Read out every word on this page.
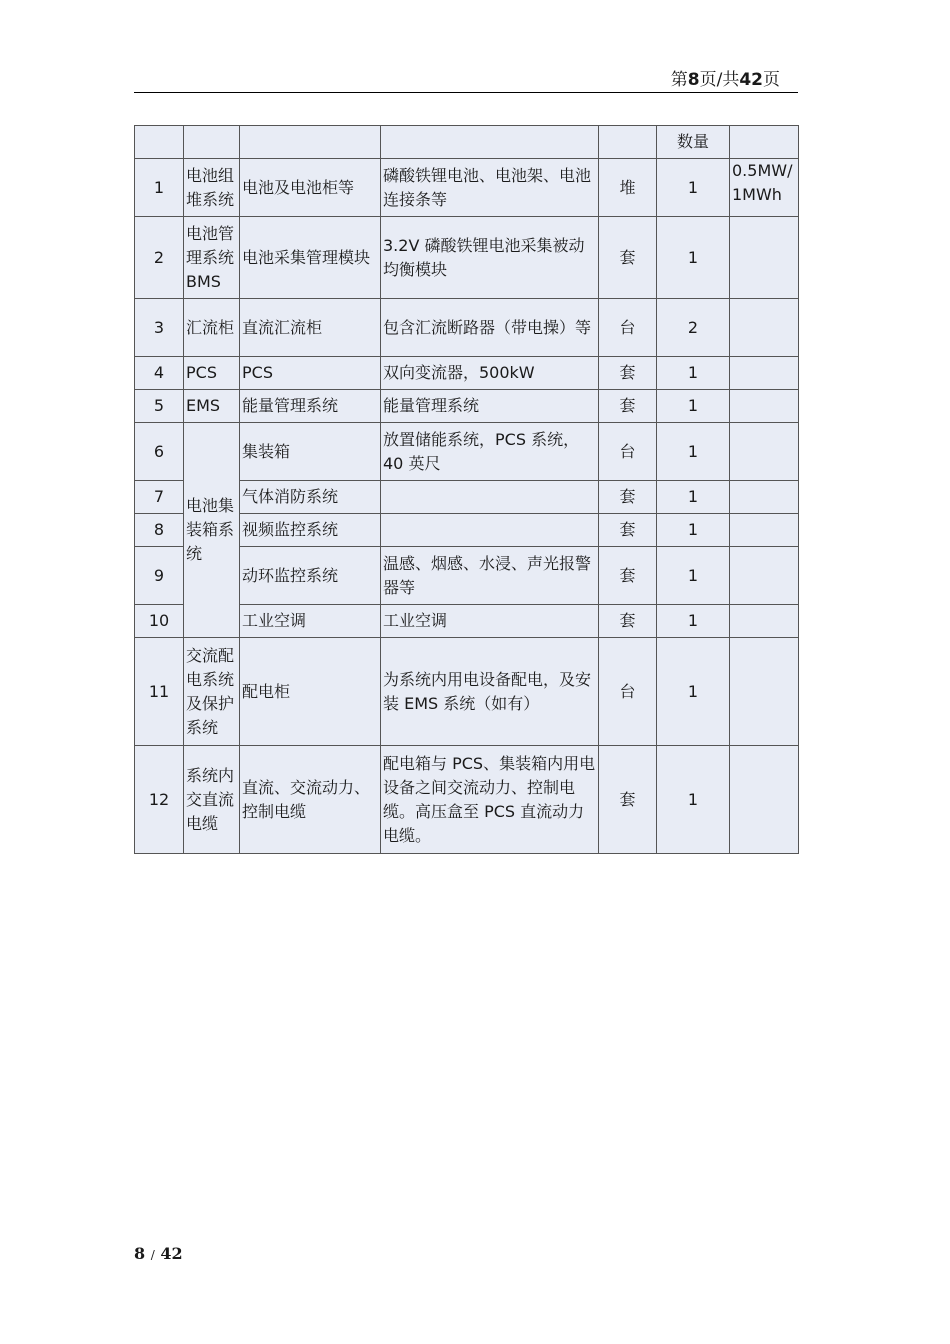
第8页/共42页
					数量	
1	电池组堆系统	电池及电池柜等	磷酸铁锂电池、电池架、电池连接条等	堆	1	0.5MW/1MWh
2	电池管理系统BMS	电池采集管理模块	3.2V 磷酸铁锂电池采集被动均衡模块	套	1	
3	汇流柜	直流汇流柜	包含汇流断路器（带电操）等	台	2	
4	PCS	PCS	双向变流器，500kW	套	1	
5	EMS	能量管理系统	能量管理系统	套	1	
6	电池集装箱系统	集装箱	放置储能系统，PCS 系统，40 英尺	台	1	
7		气体消防系统		套	1	
8		视频监控系统		套	1	
9		动环监控系统	温感、烟感、水浸、声光报警器等	套	1	
10		工业空调	工业空调	套	1	
11	交流配电系统及保护系统	配电柜	为系统内用电设备配电，及安装 EMS 系统（如有）	台	1	
12	系统内交直流电缆	直流、交流动力、控制电缆	配电箱与 PCS、集装箱内用电设备之间交流动力、控制电缆。高压盒至 PCS 直流动力电缆。	套	1	
8 / 42
